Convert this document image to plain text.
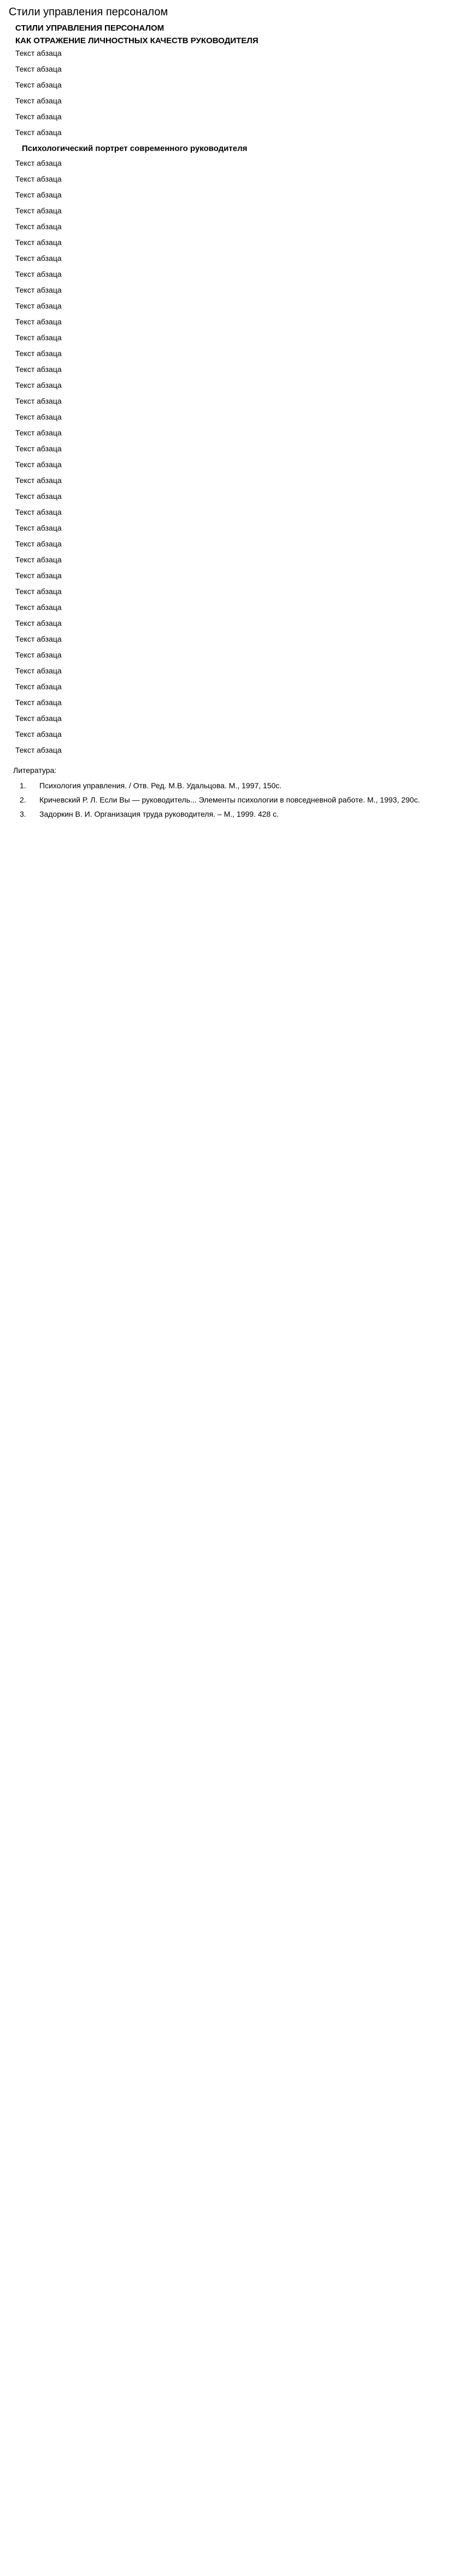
Стили управления персоналом
СТИЛИ УПРАВЛЕНИЯ ПЕРСОНАЛОМ
КАК ОТРАЖЕНИЕ ЛИЧНОСТНЫХ КАЧЕСТВ РУКОВОДИТЕЛЯ

Текст абзаца

Текст абзаца

Текст абзаца

Текст абзаца

Текст абзаца

Текст абзаца

Психологический портрет современного руководителя

Текст абзаца

Текст абзаца

Текст абзаца

Текст абзаца

Текст абзаца

Текст абзаца

Текст абзаца

Текст абзаца

Текст абзаца

Текст абзаца

Текст абзаца

Текст абзаца

Текст абзаца

Текст абзаца

Текст абзаца

Текст абзаца

Текст абзаца

Текст абзаца

Текст абзаца

Текст абзаца

Текст абзаца

Текст абзаца

Текст абзаца

Текст абзаца

Текст абзаца

Текст абзаца

Текст абзаца

Текст абзаца

Текст абзаца

Текст абзаца

Текст абзаца

Текст абзаца

Текст абзаца

Текст абзаца

Текст абзаца

Текст абзаца

Текст абзаца

Текст абзаца

Литература:
1.	Психология управления. / Отв. Ред. М.В. Удальцова. М., 1997, 150с.
2.	Кричевский Р. Л. Если Вы — руководитель... Элементы психологии в повседневной работе. М., 1993, 290с.
3.	Задоркин В. И. Организация труда руководителя. – М., 1999. 428 с.
